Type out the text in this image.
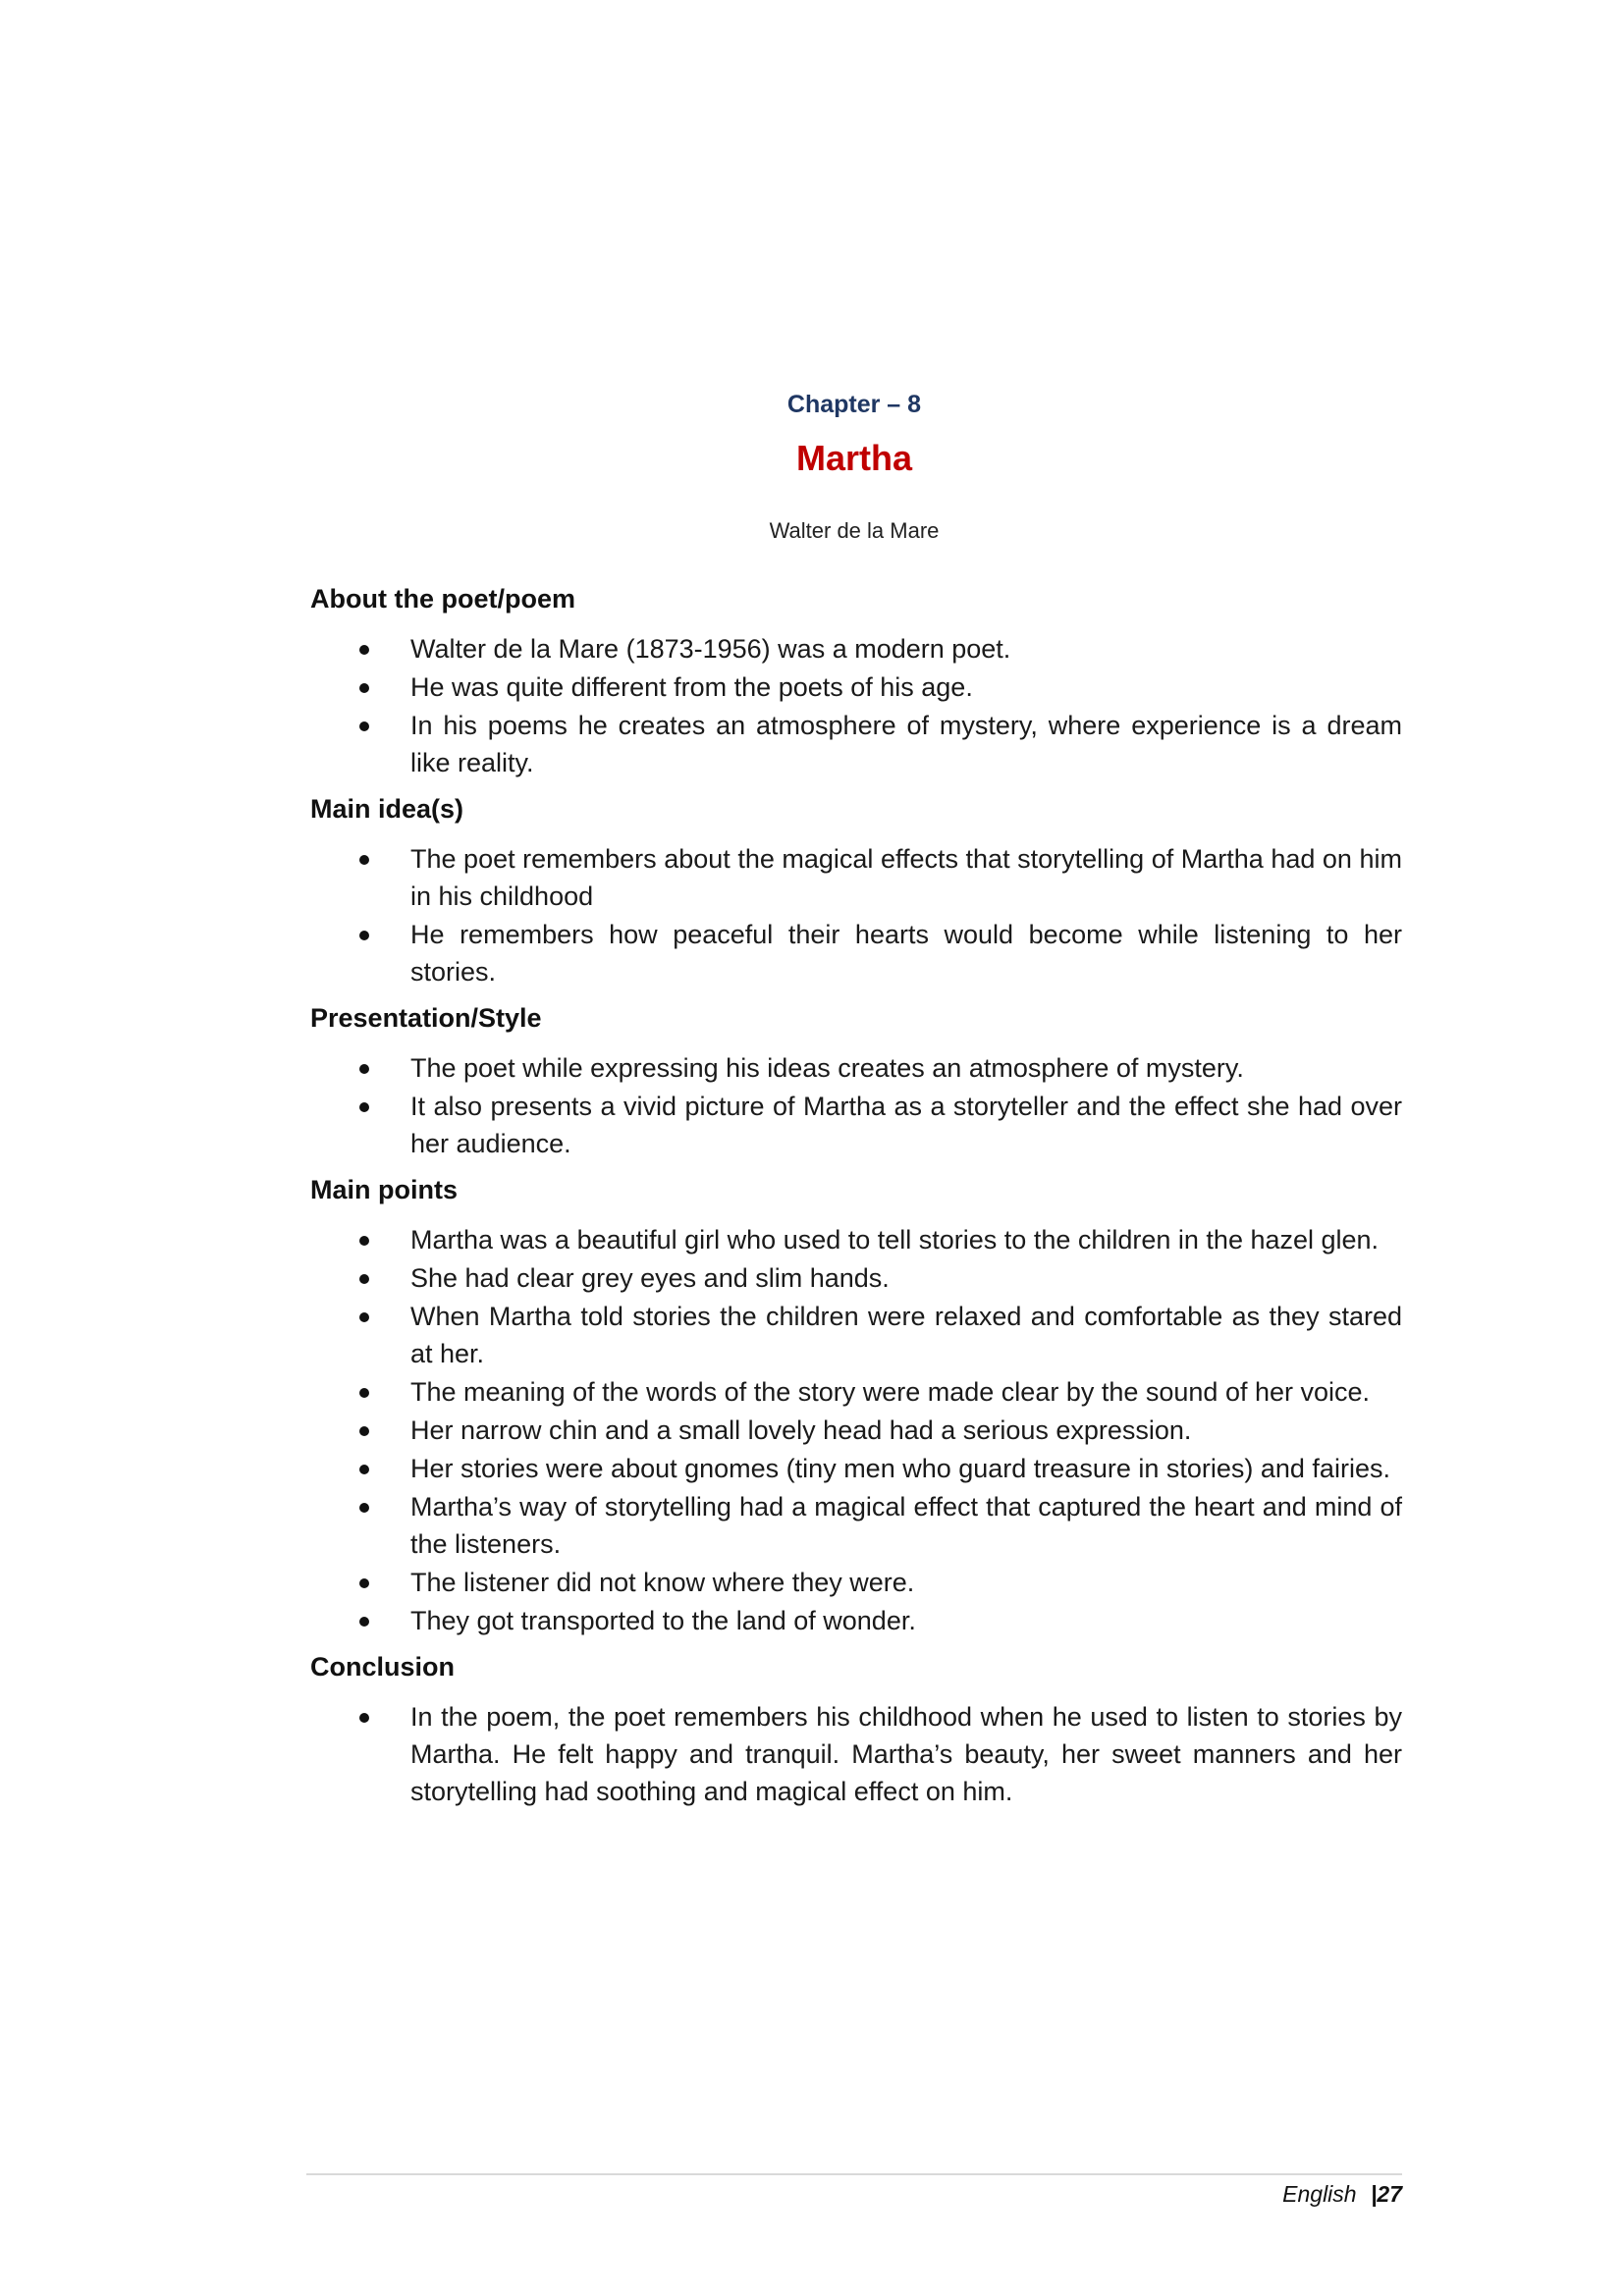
Chapter – 8
Martha
Walter de la Mare
About the poet/poem
Walter de la Mare (1873-1956) was a modern poet.
He was quite different from the poets of his age.
In his poems he creates an atmosphere of mystery, where experience is a dream like reality.
Main idea(s)
The poet remembers about the magical effects that storytelling of Martha had on him in his childhood
He remembers how peaceful their hearts would become while listening to her stories.
Presentation/Style
The poet while expressing his ideas creates an atmosphere of mystery.
It also presents a vivid picture of Martha as a storyteller and the effect she had over her audience.
Main points
Martha was a beautiful girl who used to tell stories to the children in the hazel glen.
She had clear grey eyes and slim hands.
When Martha told stories the children were relaxed and comfortable as they stared at her.
The meaning of the words of the story were made clear by the sound of her voice.
Her narrow chin and a small lovely head had a serious expression.
Her stories were about gnomes (tiny men who guard treasure in stories) and fairies.
Martha’s way of storytelling had a magical effect that captured the heart and mind of the listeners.
The listener did not know where they were.
They got transported to the land of wonder.
Conclusion
In the poem, the poet remembers his childhood when he used to listen to stories by Martha. He felt happy and tranquil. Martha’s beauty, her sweet manners and her storytelling had soothing and magical effect on him.
English |27
